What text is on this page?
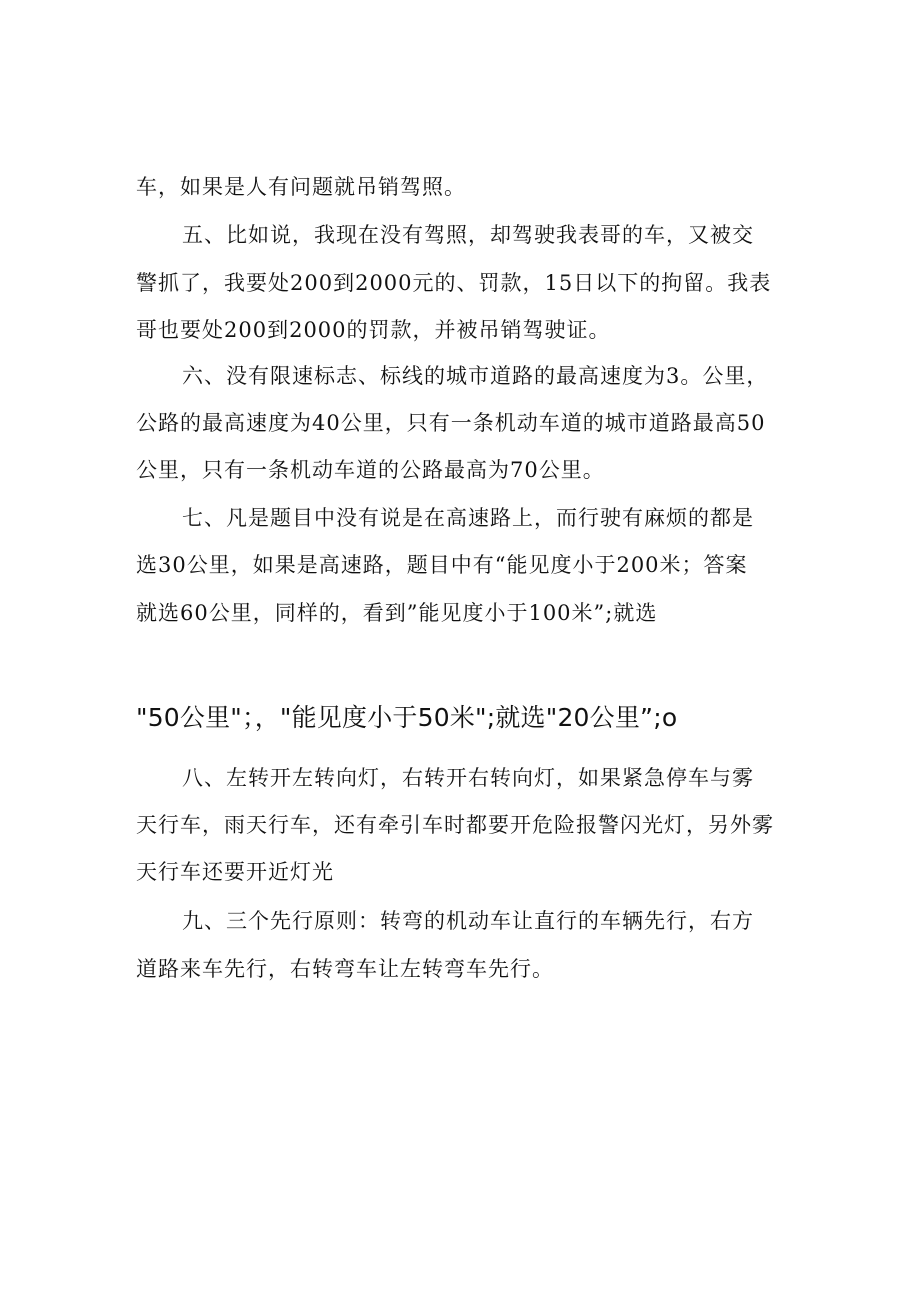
车，如果是人有问题就吊销驾照。
五、比如说，我现在没有驾照，却驾驶我表哥的车，又被交
警抓了，我要处200到2000元的、罚款，15日以下的拘留。我表
哥也要处200到2000的罚款，并被吊销驾驶证。
六、没有限速标志、标线的城市道路的最高速度为3。公里，
公路的最高速度为40公里，只有一条机动车道的城市道路最高50
公里，只有一条机动车道的公路最高为70公里。
七、凡是题目中没有说是在高速路上，而行驶有麻烦的都是
选30公里，如果是高速路，题目中有“能见度小于200米；答案
就选60公里，同样的，看到”能见度小于100米”;就选
"50公里"；，"能见度小于50米";就选"20公里”;o
八、左转开左转向灯，右转开右转向灯，如果紧急停车与雾
天行车，雨天行车，还有牵引车时都要开危险报警闪光灯，另外雾
天行车还要开近灯光
九、三个先行原则：转弯的机动车让直行的车辆先行，右方
道路来车先行，右转弯车让左转弯车先行。
